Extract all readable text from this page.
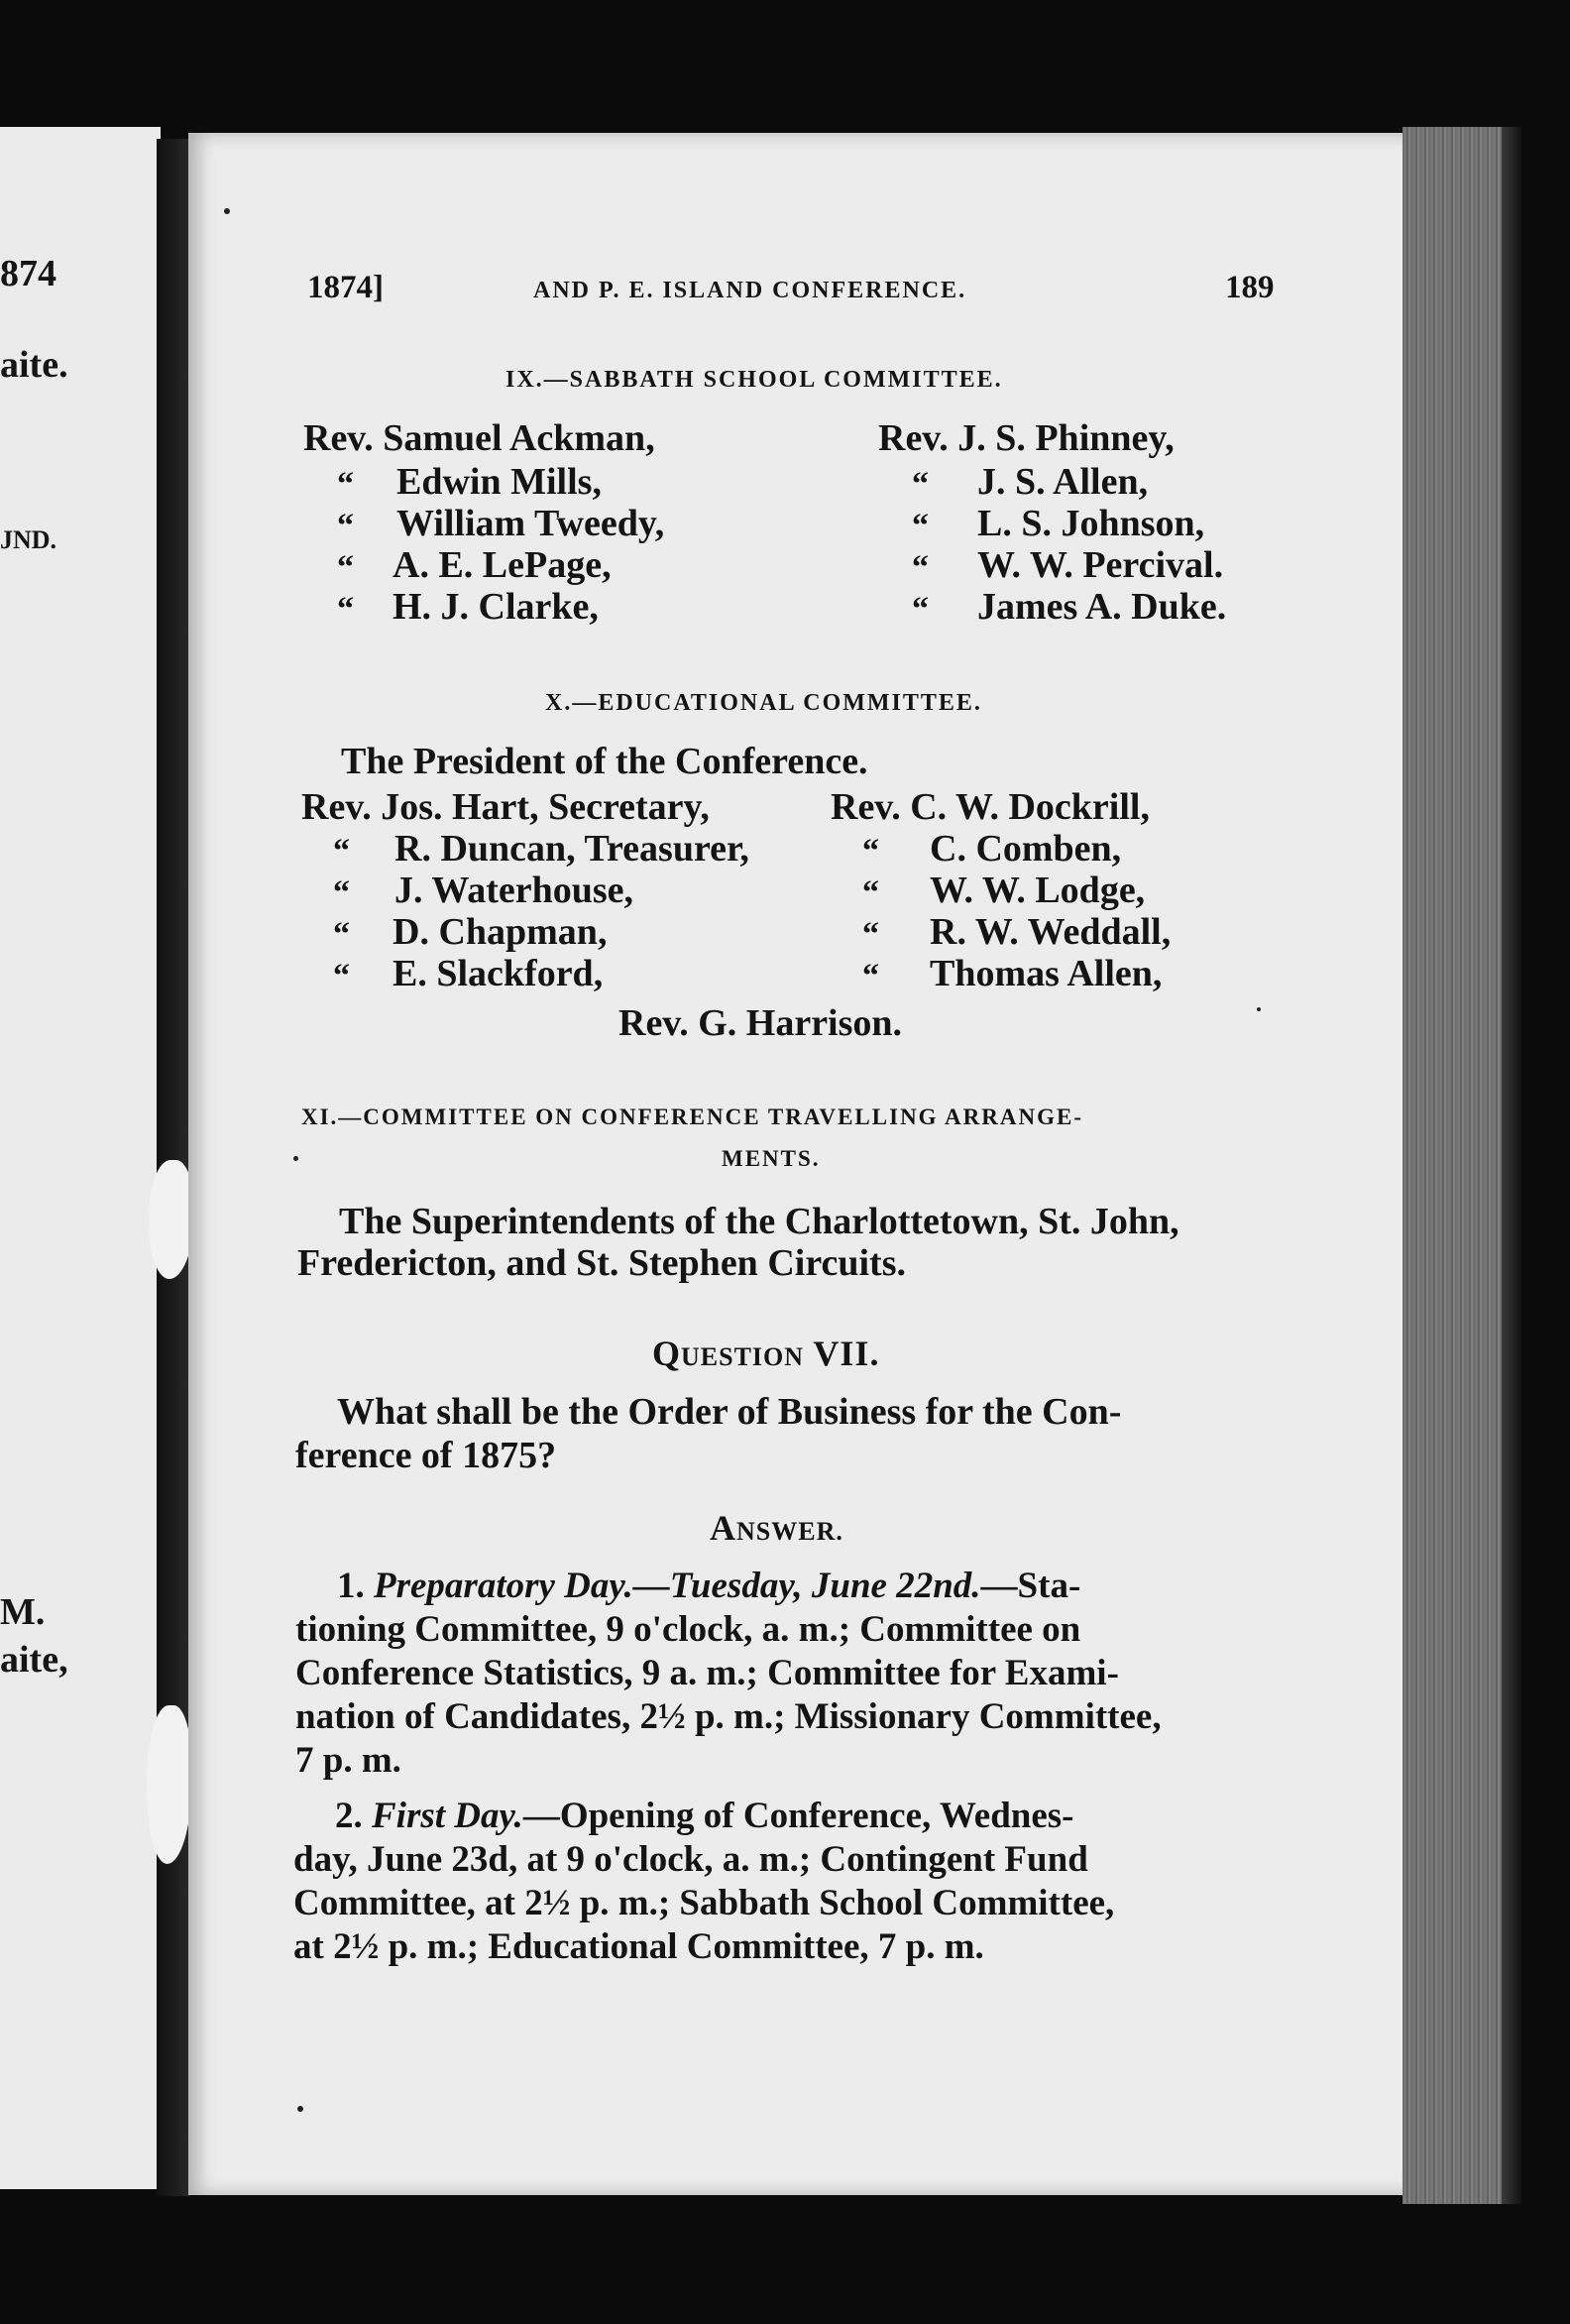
874
aite.
JND.
M.
aite,
1874]	AND P. E. ISLAND CONFERENCE.	189
IX.—SABBATH SCHOOL COMMITTEE.
Rev. Samuel Ackman,
“ Edwin Mills,
“ William Tweedy,
“ A. E. LePage,
“ H. J. Clarke,
Rev. J. S. Phinney,
“ J. S. Allen,
“ L. S. Johnson,
“ W. W. Percival.
“ James A. Duke.
X.—EDUCATIONAL COMMITTEE.
The President of the Conference.
Rev. Jos. Hart, Secretary,
“ R. Duncan, Treasurer,
“ J. Waterhouse,
“ D. Chapman,
“ E. Slackford,
Rev. C. W. Dockrill,
“ C. Comben,
“ W. W. Lodge,
“ R. W. Weddall,
“ Thomas Allen,
Rev. G. Harrison.
XI.—COMMITTEE ON CONFERENCE TRAVELLING ARRANGE-
MENTS.
The Superintendents of the Charlottetown, St. John,
Fredericton, and St. Stephen Circuits.
QUESTION VII.
What shall be the Order of Business for the Con-
ference of 1875?
ANSWER.
1. Preparatory Day.—Tuesday, June 22nd.—Sta-
tioning Committee, 9 o'clock, a. m.; Committee on
Conference Statistics, 9 a. m.; Committee for Exami-
nation of Candidates, 2½ p. m.; Missionary Committee,
7 p. m.
2. First Day.—Opening of Conference, Wednes-
day, June 23d, at 9 o'clock, a. m.; Contingent Fund
Committee, at 2½ p. m.; Sabbath School Committee,
at 2½ p. m.; Educational Committee, 7 p. m.
